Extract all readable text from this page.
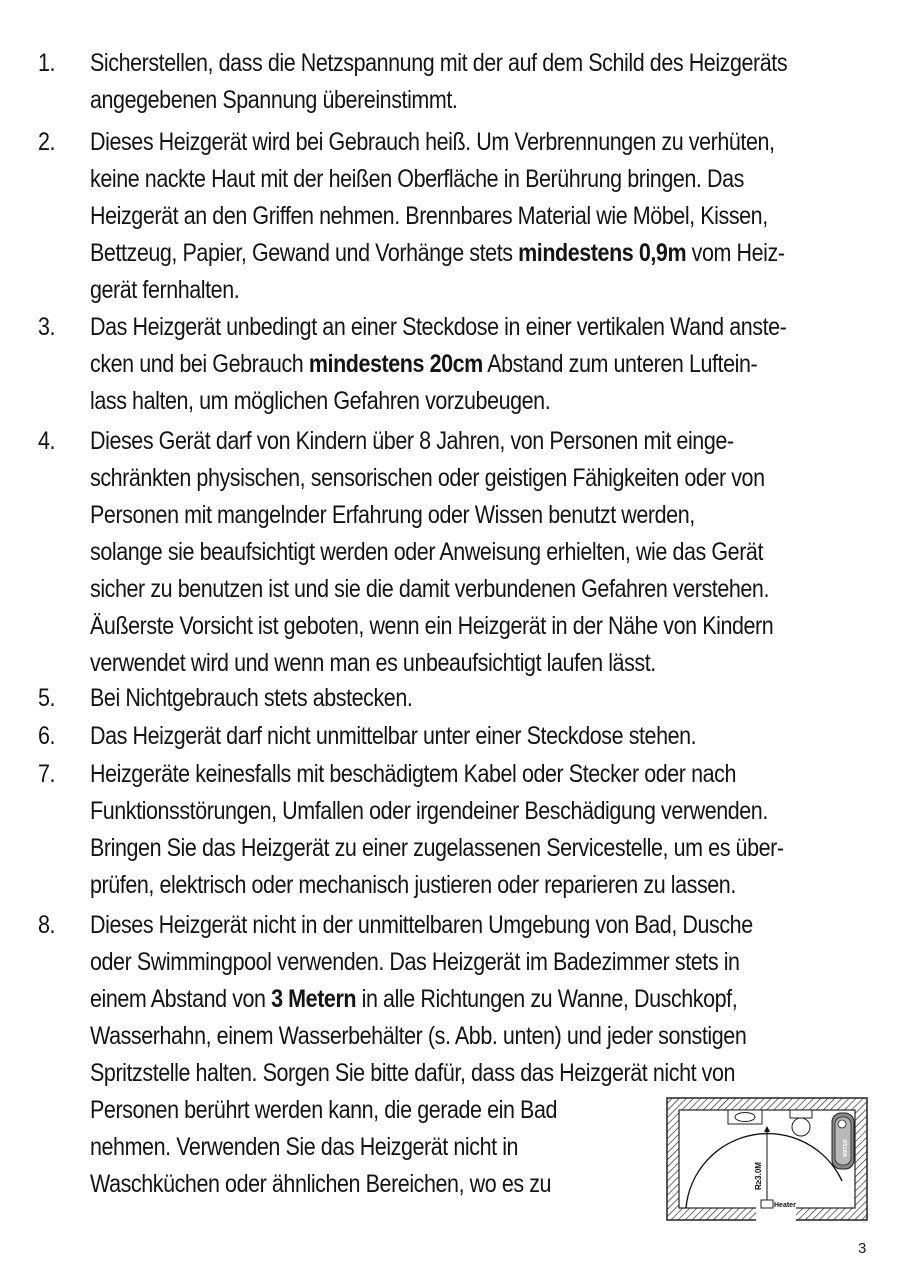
1. Sicherstellen, dass die Netzspannung mit der auf dem Schild des Heizgeräts
angegebenen Spannung übereinstimmt.
2. Dieses Heizgerät wird bei Gebrauch heiß. Um Verbrennungen zu verhüten,
keine nackte Haut mit der heißen Oberfläche in Berührung bringen. Das
Heizgerät an den Griffen nehmen. Brennbares Material wie Möbel, Kissen,
Bettzeug, Papier, Gewand und Vorhänge stets mindestens 0,9m vom Heiz-
gerät fernhalten.
3. Das Heizgerät unbedingt an einer Steckdose in einer vertikalen Wand anste-
cken und bei Gebrauch mindestens 20cm Abstand zum unteren Luftein-
lass halten, um möglichen Gefahren vorzubeugen.
4. Dieses Gerät darf von Kindern über 8 Jahren, von Personen mit einge-
schränkten physischen, sensorischen oder geistigen Fähigkeiten oder von
Personen mit mangelnder Erfahrung oder Wissen benutzt werden,
solange sie beaufsichtigt werden oder Anweisung erhielten, wie das Gerät
sicher zu benutzen ist und sie die damit verbundenen Gefahren verstehen.
Äußerste Vorsicht ist geboten, wenn ein Heizgerät in der Nähe von Kindern
verwendet wird und wenn man es unbeaufsichtigt laufen lässt.
5. Bei Nichtgebrauch stets abstecken.
6. Das Heizgerät darf nicht unmittelbar unter einer Steckdose stehen.
7. Heizgeräte keinesfalls mit beschädigtem Kabel oder Stecker oder nach
Funktionsstörungen, Umfallen oder irgendeiner Beschädigung verwenden.
Bringen Sie das Heizgerät zu einer zugelassenen Servicestelle, um es über-
prüfen, elektrisch oder mechanisch justieren oder reparieren zu lassen.
8. Dieses Heizgerät nicht in der unmittelbaren Umgebung von Bad, Dusche
oder Swimmingpool verwenden. Das Heizgerät im Badezimmer stets in
einem Abstand von 3 Metern in alle Richtungen zu Wanne, Duschkopf,
Wasserhahn, einem Wasserbehälter (s. Abb. unten) und jeder sonstigen
Spritzstelle halten. Sorgen Sie bitte dafür, dass das Heizgerät nicht von
Personen berührt werden kann, die gerade ein Bad
nehmen. Verwenden Sie das Heizgerät nicht in
Waschküchen oder ähnlichen Bereichen, wo es zu	R≥3.0M
Heater
WATER
3
